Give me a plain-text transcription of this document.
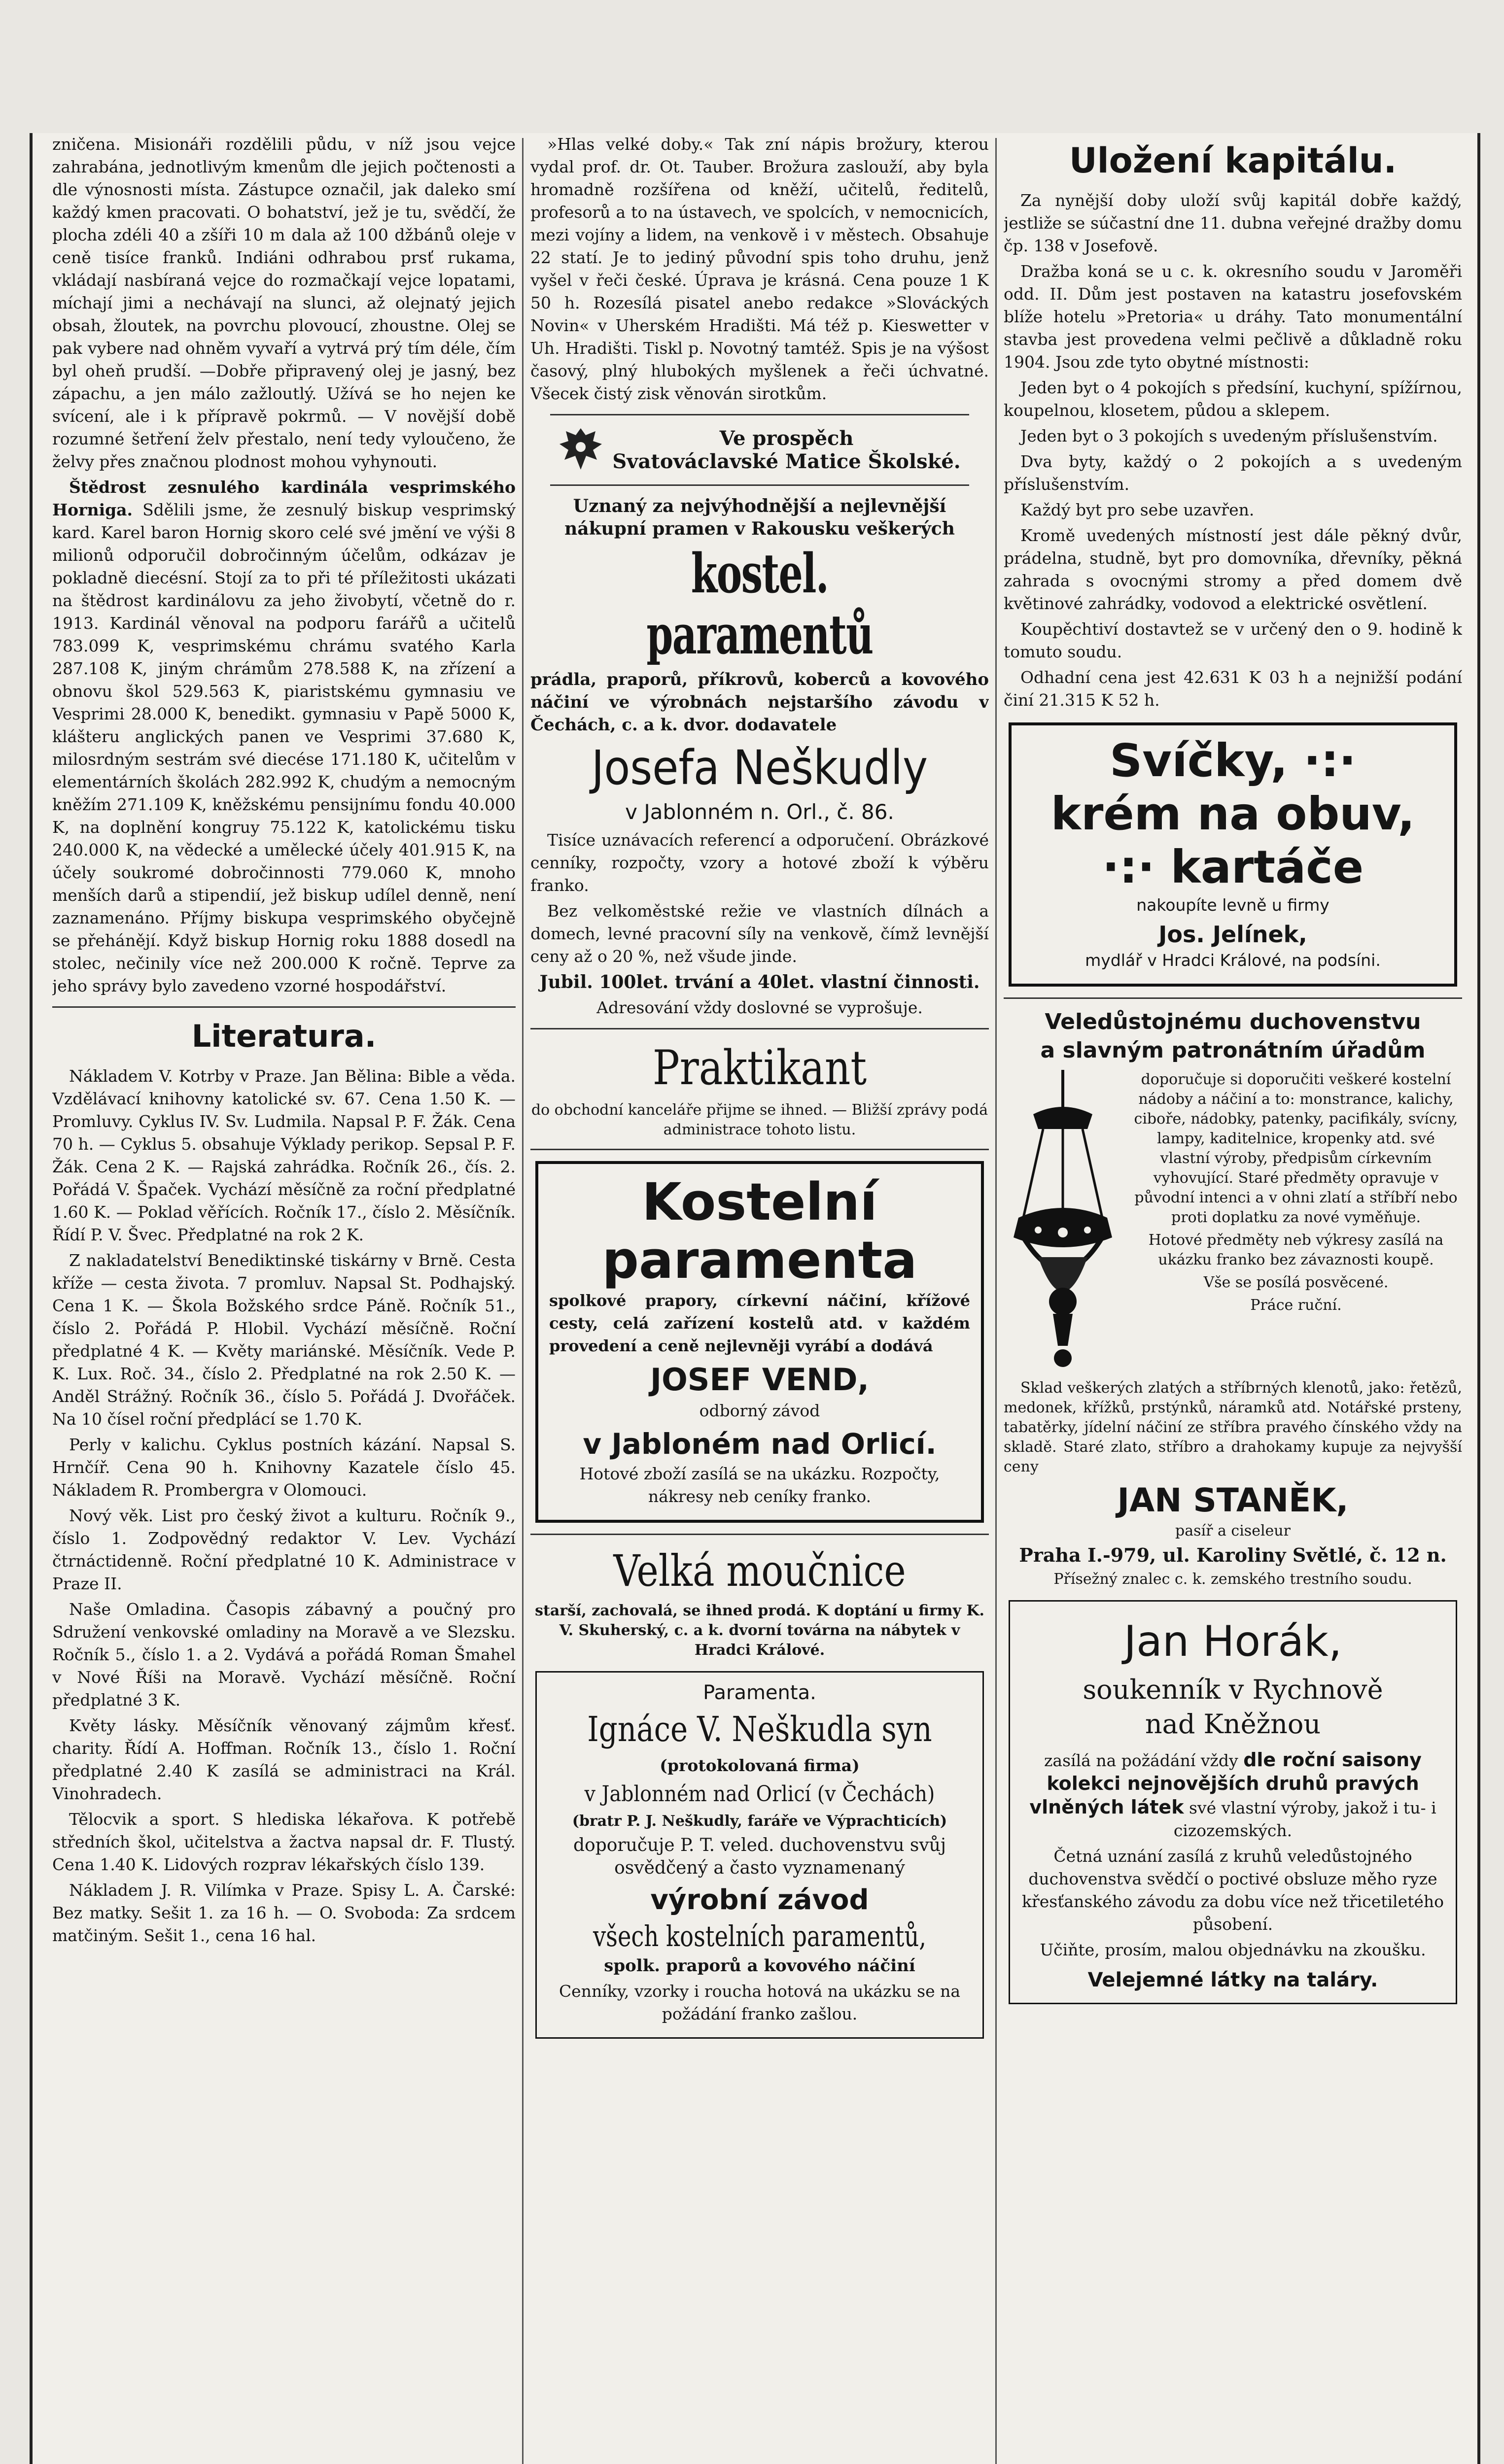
zničena. Misionáři rozdělili půdu, v níž jsou vejce zahrabána, jednotlivým kmenům dle jejich počtenosti a dle výnosnosti místa. Zástupce označil, jak daleko smí každý kmen pracovati. O bohatství, jež je tu, svědčí, že plocha zdéli 40 a zšíři 10 m dala až 100 džbánů oleje v ceně tisíce franků. Indiáni odhrabou prsť rukama, vkládají nasbíraná vejce do rozmačkají vejce lopatami, míchají jimi a nechávají na slunci, až olejnatý jejich obsah, žloutek, na povrchu plovoucí, zhoustne. Olej se pak vybere nad ohněm vyvaří a vytrvá prý tím déle, čím byl oheň prudší. —Dobře připravený olej je jasný, bez zápachu, a jen málo zažloutlý. Užívá se ho nejen ke svícení, ale i k přípravě pokrmů. — V novější době rozumné šetření želv přestalo, není tedy vyloučeno, že želvy přes značnou plodnost mohou vyhynouti.

Štědrost zesnulého kardinála vesprimského Horniga. Sdělili jsme, že zesnulý biskup vesprimský kard. Karel baron Hornig skoro celé své jmění ve výši 8 milionů odporučil dobročinným účelům, odkázav je pokladně diecésní. Stojí za to při té příležitosti ukázati na štědrost kardinálovu za jeho živobytí, včetně do r. 1913. Kardinál věnoval na podporu farářů a učitelů 783.099 K, vesprimskému chrámu svatého Karla 287.108 K, jiným chrámům 278.588 K, na zřízení a obnovu škol 529.563 K, piaristskému gymnasiu ve Vesprimi 28.000 K, benedikt. gymnasiu v Papě 5000 K, klášteru anglických panen ve Vesprimi 37.680 K, milosrdným sestrám své diecése 171.180 K, učitelům v elementárních školách 282.992 K, chudým a nemocným kněžím 271.109 K, kněžskému pensijnímu fondu 40.000 K, na doplnění kongruy 75.122 K, katolickému tisku 240.000 K, na vědecké a umělecké účely 401.915 K, na účely soukromé dobročinnosti 779.060 K, mnoho menších darů a stipendií, jež biskup udílel denně, není zaznamenáno. Příjmy biskupa vesprimského obyčejně se přehánějí. Když biskup Hornig roku 1888 dosedl na stolec, nečinily více než 200.000 K ročně. Teprve za jeho správy bylo zavedeno vzorné hospodářství.

Literatura.

Nákladem V. Kotrby v Praze. Jan Bělina: Bible a věda. Vzdělávací knihovny katolické sv. 67. Cena 1.50 K. — Promluvy. Cyklus IV. Sv. Ludmila. Napsal P. F. Žák. Cena 70 h. — Cyklus 5. obsahuje Výklady perikop. Sepsal P. F. Žák. Cena 2 K. — Rajská zahrádka. Ročník 26., čís. 2. Pořádá V. Špaček. Vychází měsíčně za roční předplatné 1.60 K. — Poklad věřících. Ročník 17., číslo 2. Měsíčník. Řídí P. V. Švec. Předplatné na rok 2 K.

Z nakladatelství Benediktinské tiskárny v Brně. Cesta kříže — cesta života. 7 promluv. Napsal St. Podhajský. Cena 1 K. — Škola Božského srdce Páně. Ročník 51., číslo 2. Pořádá P. Hlobil. Vychází měsíčně. Roční předplatné 4 K. — Květy mariánské. Měsíčník. Vede P. K. Lux. Roč. 34., číslo 2. Předplatné na rok 2.50 K. — Anděl Strážný. Ročník 36., číslo 5. Pořádá J. Dvořáček. Na 10 čísel roční předplácí se 1.70 K.

Perly v kalichu. Cyklus postních kázání. Napsal S. Hrnčíř. Cena 90 h. Knihovny Kazatele číslo 45. Nákladem R. Prombergra v Olomouci.

Nový věk. List pro český život a kulturu. Ročník 9., číslo 1. Zodpovědný redaktor V. Lev. Vychází čtrnáctidenně. Roční předplatné 10 K. Administrace v Praze II.

Naše Omladina. Časopis zábavný a poučný pro Sdružení venkovské omladiny na Moravě a ve Slezsku. Ročník 5., číslo 1. a 2. Vydává a pořádá Roman Šmahel v Nové Říši na Moravě. Vychází měsíčně. Roční předplatné 3 K.

Květy lásky. Měsíčník věnovaný zájmům křesť. charity. Řídí A. Hoffman. Ročník 13., číslo 1. Roční předplatné 2.40 K zasílá se administraci na Král. Vinohradech.

Tělocvik a sport. S hlediska lékařova. K potřebě středních škol, učitelstva a žactva napsal dr. F. Tlustý. Cena 1.40 K. Lidových rozprav lékařských číslo 139.

Nákladem J. R. Vilímka v Praze. Spisy L. A. Čarské: Bez matky. Sešit 1. za 16 h. — O. Svoboda: Za srdcem matčiným. Sešit 1., cena 16 hal.

»Hlas velké doby.« Tak zní nápis brožury, kterou vydal prof. dr. Ot. Tauber. Brožura zaslouží, aby byla hromadně rozšířena od kněží, učitelů, ředitelů, profesorů a to na ústavech, ve spolcích, v nemocnicích, mezi vojíny a lidem, na venkově i v městech. Obsahuje 22 statí. Je to jediný původní spis toho druhu, jenž vyšel v řeči české. Úprava je krásná. Cena pouze 1 K 50 h. Rozesílá pisatel anebo redakce »Slováckých Novin« v Uherském Hradišti. Má též p. Kieswetter v Uh. Hradišti. Tiskl p. Novotný tamtéž. Spis je na výšost časový, plný hlubokých myšlenek a řeči úchvatné. Všecek čistý zisk věnován sirotkům.

Ve prospěch
Svatováclavské Matice Školské.

Uznaný za nejvýhodnější a nejlevnější nákupní pramen v Rakousku veškerých

kostel. paramentů

prádla, praporů, příkrovů, koberců a kovového náčiní ve výrobnách nejstaršího závodu v Čechách, c. a k. dvor. dodavatele

Josefa Neškudly

v Jablonném n. Orl., č. 86.

Tisíce uznávacích referencí a odporučení. Obrázkové cenníky, rozpočty, vzory a hotové zboží k výběru franko.

Bez velkoměstské režie ve vlastních dílnách a domech, levné pracovní síly na venkově, čímž levnější ceny až o 20 %, než všude jinde.

Jubil. 100let. trvání a 40let. vlastní činnosti.

Adresování vždy doslovné se vyprošuje.

Praktikant

do obchodní kanceláře přijme se ihned. — Bližší zprávy podá administrace tohoto listu.

Kostelní
paramenta

spolkové prapory, církevní náčiní, křížové cesty, celá zařízení kostelů atd. v každém provedení a ceně nejlevněji vyrábí a dodává

JOSEF VEND,

odborný závod

v Jabloném nad Orlicí.

Hotové zboží zasílá se na ukázku. Rozpočty, nákresy neb ceníky franko.

Velká moučnice

starší, zachovalá, se ihned prodá. K doptání u firmy K. V. Skuherský, c. a k. dvorní továrna na nábytek v Hradci Králové.

Paramenta.

Ignáce V. Neškudla syn

(protokolovaná firma)

v Jablonném nad Orlicí (v Čechách)

(bratr P. J. Neškudly, faráře ve Výprachticích)

doporučuje P. T. veled. duchovenstvu svůj osvědčený a často vyznamenaný

výrobní závod
všech kostelních paramentů,

spolk. praporů a kovového náčiní

Cenníky, vzorky i roucha hotová na ukázku se na požádání franko zašlou.

Uložení kapitálu.

Za nynější doby uloží svůj kapitál dobře každý, jestliže se súčastní dne 11. dubna veřejné dražby domu čp. 138 v Josefově.

Dražba koná se u c. k. okresního soudu v Jaroměři odd. II. Dům jest postaven na katastru josefovském blíže hotelu »Pretoria« u dráhy. Tato monumentální stavba jest provedena velmi pečlivě a důkladně roku 1904. Jsou zde tyto obytné místnosti:

Jeden byt o 4 pokojích s předsíní, kuchyní, spížírnou, koupelnou, klosetem, půdou a sklepem.

Jeden byt o 3 pokojích s uvedeným příslušenstvím.

Dva byty, každý o 2 pokojích a s uvedeným příslušenstvím.

Každý byt pro sebe uzavřen.

Kromě uvedených místností jest dále pěkný dvůr, prádelna, studně, byt pro domovníka, dřevníky, pěkná zahrada s ovocnými stromy a před domem dvě květinové zahrádky, vodovod a elektrické osvětlení.

Koupěchtiví dostavtež se v určený den o 9. hodině k tomuto soudu.

Odhadní cena jest 42.631 K 03 h a nejnižší podání činí 21.315 K 52 h.

Svíčky, ·:·
krém na obuv,
·:· kartáče

nakoupíte levně u firmy

Jos. Jelínek,

mydlář v Hradci Králové, na podsíni.

Veledůstojnému duchovenstvu
a slavným patronátním úřadům

doporučuje si doporučiti veškeré kostelní nádoby a náčiní a to: monstrance, kalichy, ciboře, nádobky, patenky, pacifikály, svícny, lampy, kaditelnice, kropenky atd. své vlastní výroby, předpisům církevním vyhovující. Staré předměty opravuje v původní intenci a v ohni zlatí a stříbří nebo proti doplatku za nové vyměňuje.

Hotové předměty neb výkresy zasílá na ukázku franko bez závaznosti koupě.

Vše se posílá posvěcené.

Práce ruční.

Sklad veškerých zlatých a stříbrných klenotů, jako: řetězů, medonek, křížků, prstýnků, náramků atd. Notářské prsteny, tabatěrky, jídelní náčiní ze stříbra pravého čínského vždy na skladě. Staré zlato, stříbro a drahokamy kupuje za nejvyšší ceny

JAN STANĚK,

pasíř a ciseleur

Praha I.-979, ul. Karoliny Světlé, č. 12 n.

Přísežný znalec c. k. zemského trestního soudu.

Jan Horák,
soukenník v Rychnově
nad Kněžnou

zasílá na požádání vždy dle roční saisony kolekci nejnovějších druhů pravých vlněných látek své vlastní výroby, jakož i tu- i cizozemských.

Četná uznání zasílá z kruhů veledůstojného duchovenstva svědčí o poctivé obsluze měho ryze křesťanského závodu za dobu více než třicetiletého působení.

Učiňte, prosím, malou objednávku na zkoušku.

Velejemné látky na taláry.
